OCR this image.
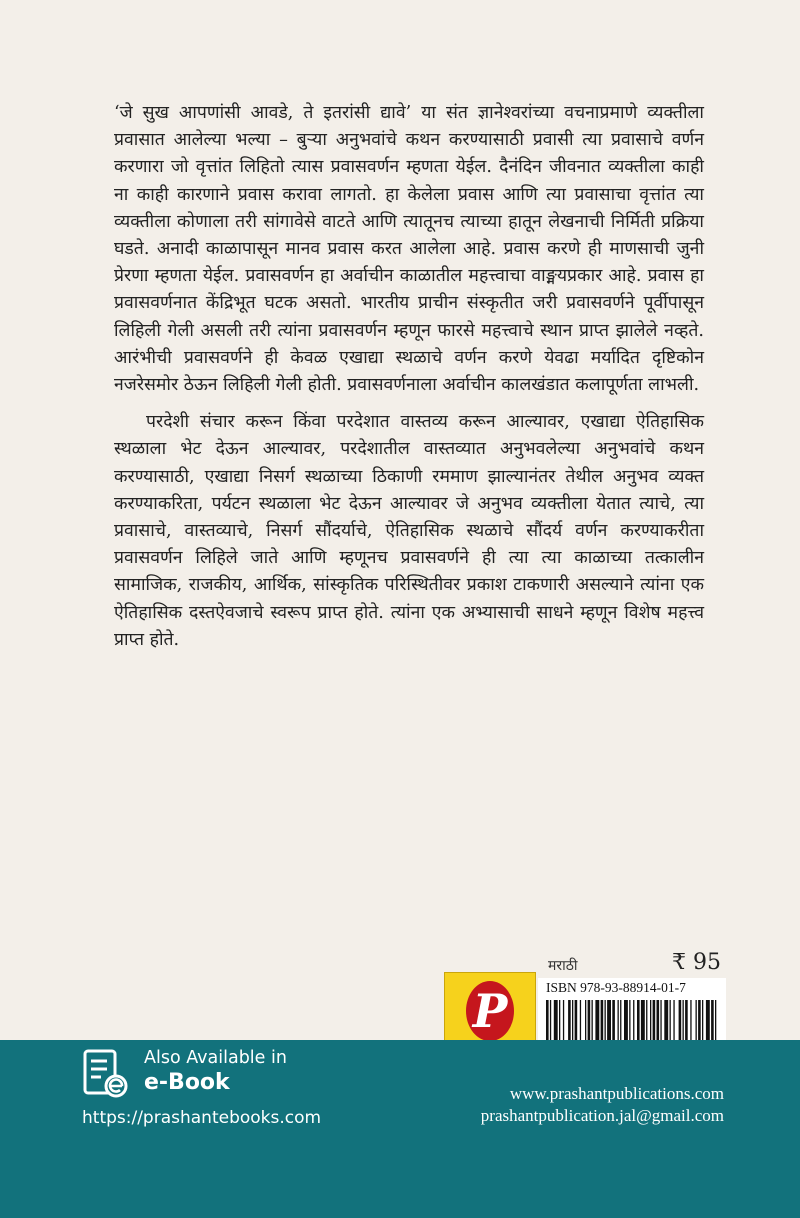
‘जे सुख आपणांसी आवडे, ते इतरांसी द्यावे’ या संत ज्ञानेश्वरांच्या वचनाप्रमाणे व्यक्तीला प्रवासात आलेल्या भल्या – बुऱ्या अनुभवांचे कथन करण्यासाठी प्रवासी त्या प्रवासाचे वर्णन करणारा जो वृत्तांत लिहितो त्यास प्रवासवर्णन म्हणता येईल. दैनंदिन जीवनात व्यक्तीला काही ना काही कारणाने प्रवास करावा लागतो. हा केलेला प्रवास आणि त्या प्रवासाचा वृत्तांत त्या व्यक्तीला कोणाला तरी सांगावेसे वाटते आणि त्यातूनच त्याच्या हातून लेखनाची निर्मिती प्रक्रिया घडते. अनादी काळापासून मानव प्रवास करत आलेला आहे. प्रवास करणे ही माणसाची जुनी प्रेरणा म्हणता येईल. प्रवासवर्णन हा अर्वाचीन काळातील महत्त्वाचा वाङ्मयप्रकार आहे. प्रवास हा प्रवासवर्णनात केंद्रिभूत घटक असतो. भारतीय प्राचीन संस्कृतीत जरी प्रवासवर्णने पूर्वीपासून लिहिली गेली असली तरी त्यांना प्रवासवर्णन म्हणून फारसे महत्त्वाचे स्थान प्राप्त झालेले नव्हते. आरंभीची प्रवासवर्णने ही केवळ एखाद्या स्थळाचे वर्णन करणे येवढा मर्यादित दृष्टिकोन नजरेसमोर ठेऊन लिहिली गेली होती. प्रवासवर्णनाला अर्वाचीन कालखंडात कलापूर्णता लाभली.

परदेशी संचार करून किंवा परदेशात वास्तव्य करून आल्यावर, एखाद्या ऐतिहासिक स्थळाला भेट देऊन आल्यावर, परदेशातील वास्तव्यात अनुभवलेल्या अनुभवांचे कथन करण्यासाठी, एखाद्या निसर्ग स्थळाच्या ठिकाणी रममाण झाल्यानंतर तेथील अनुभव व्यक्त करण्याकरिता, पर्यटन स्थळाला भेट देऊन आल्यावर जे अनुभव व्यक्तीला येतात त्याचे, त्या प्रवासाचे, वास्तव्याचे, निसर्ग सौंदर्याचे, ऐतिहासिक स्थळाचे सौंदर्य वर्णन करण्याकरीता प्रवासवर्णन लिहिले जाते आणि म्हणूनच प्रवासवर्णने ही त्या त्या काळाच्या तत्कालीन सामाजिक, राजकीय, आर्थिक, सांस्कृतिक परिस्थितीवर प्रकाश टाकणारी असल्याने त्यांना एक ऐतिहासिक दस्तऐवजाचे स्वरूप प्राप्त होते. त्यांना एक अभ्यासाची साधने म्हणून विशेष महत्त्व प्राप्त होते.

मराठी	₹ 95
P	ISBN 978-93-88914-01-7
Also Available in
e-Book
https://prashantebooks.com
www.prashantpublications.com
prashantpublication.jal@gmail.com
